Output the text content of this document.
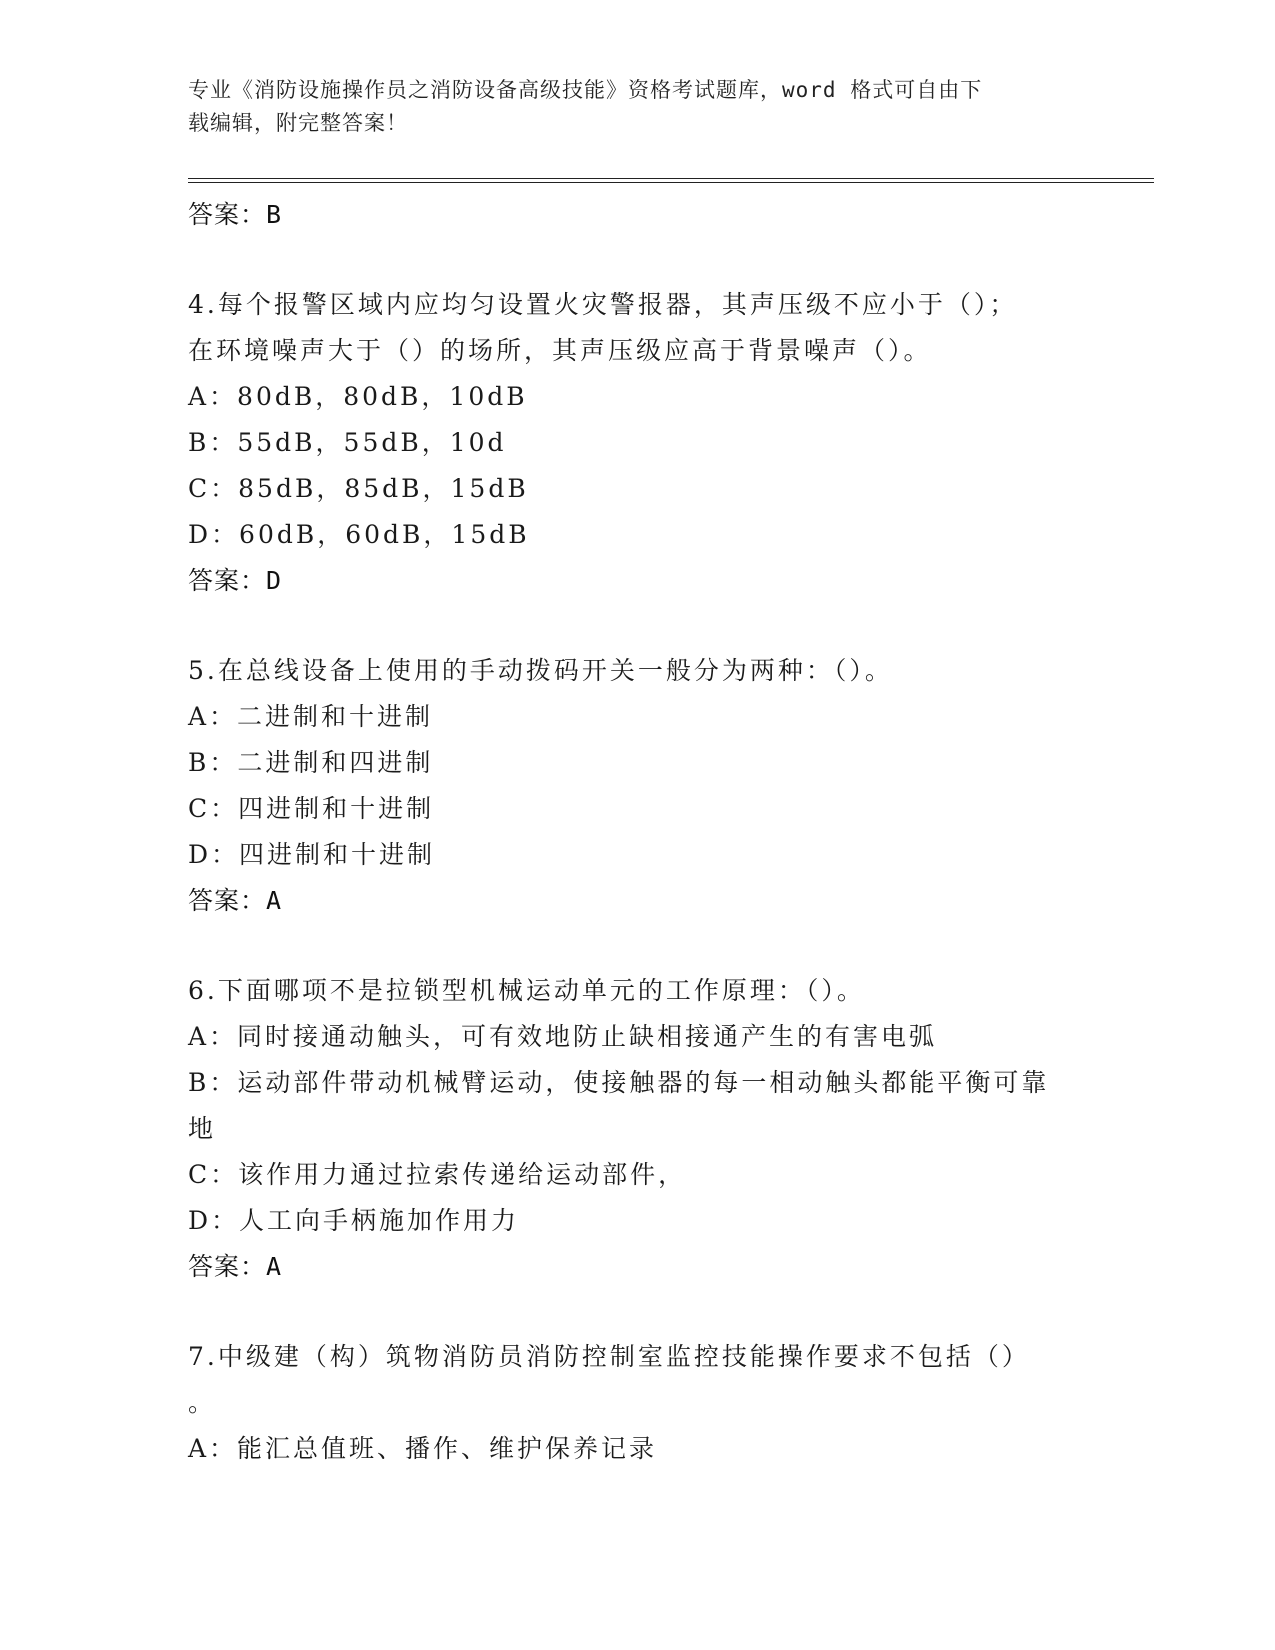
专业《消防设施操作员之消防设备高级技能》资格考试题库，word 格式可自由下
载编辑，附完整答案！
答案：B
4.每个报警区域内应均匀设置火灾警报器，其声压级不应小于（）；
在环境噪声大于（）的场所，其声压级应高于背景噪声（）。
A：80dB，80dB，10dB
B：55dB，55dB，10d
C：85dB，85dB，15dB
D：60dB，60dB，15dB
答案：D
5.在总线设备上使用的手动拨码开关一般分为两种：（）。
A：二进制和十进制
B：二进制和四进制
C：四进制和十进制
D：四进制和十进制
答案：A
6.下面哪项不是拉锁型机械运动单元的工作原理：（）。
A：同时接通动触头，可有效地防止缺相接通产生的有害电弧
B：运动部件带动机械臂运动，使接触器的每一相动触头都能平衡可靠
地
C：该作用力通过拉索传递给运动部件，
D：人工向手柄施加作用力
答案：A
7.中级建（构）筑物消防员消防控制室监控技能操作要求不包括（）
。
A：能汇总值班、播作、维护保养记录
